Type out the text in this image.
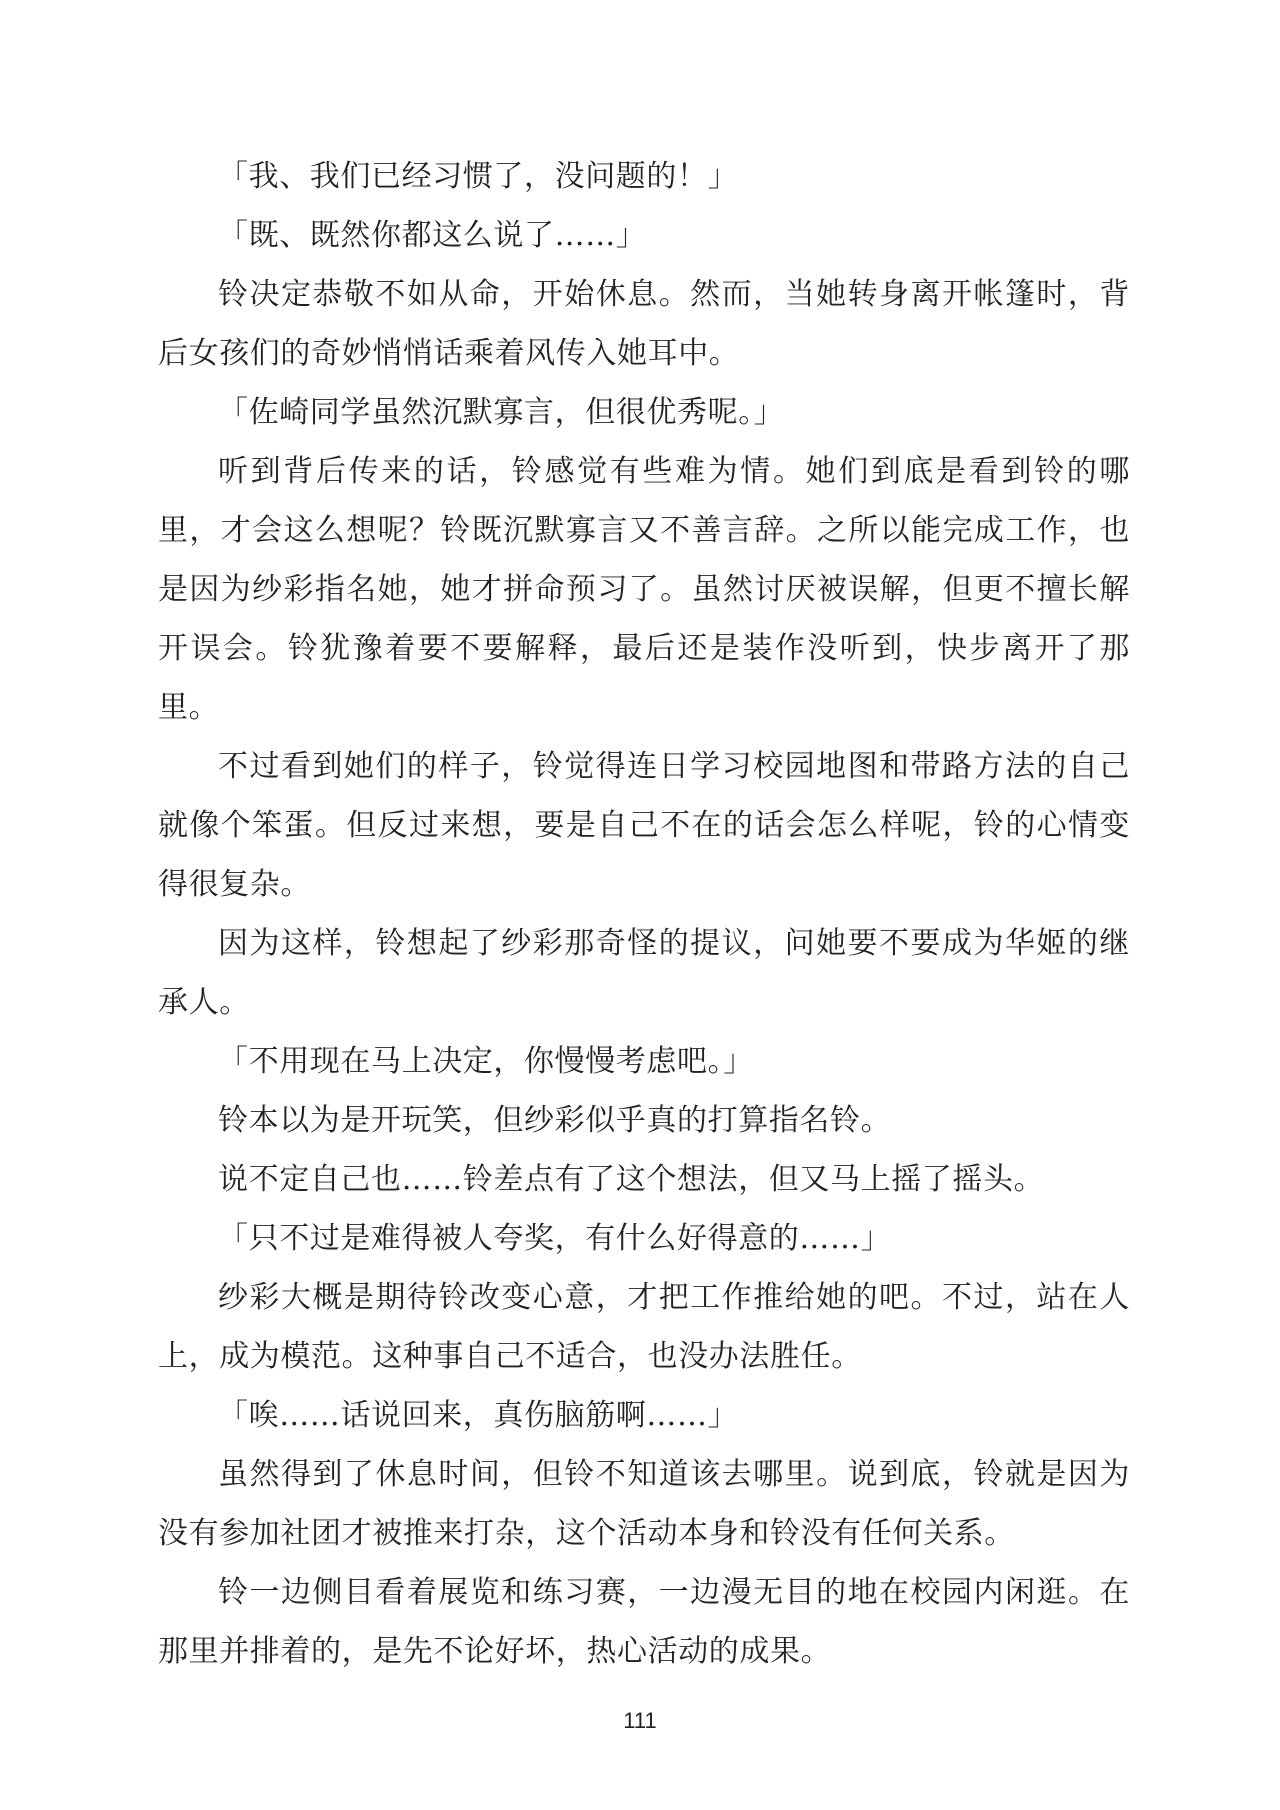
「我、我们已经习惯了，没问题的！」

「既、既然你都这么说了……」

铃决定恭敬不如从命，开始休息。然而，当她转身离开帐篷时，背后女孩们的奇妙悄悄话乘着风传入她耳中。

「佐崎同学虽然沉默寡言，但很优秀呢。」

听到背后传来的话，铃感觉有些难为情。她们到底是看到铃的哪里，才会这么想呢？铃既沉默寡言又不善言辞。之所以能完成工作，也是因为纱彩指名她，她才拼命预习了。虽然讨厌被误解，但更不擅长解开误会。铃犹豫着要不要解释，最后还是装作没听到，快步离开了那里。

不过看到她们的样子，铃觉得连日学习校园地图和带路方法的自己就像个笨蛋。但反过来想，要是自己不在的话会怎么样呢，铃的心情变得很复杂。

因为这样，铃想起了纱彩那奇怪的提议，问她要不要成为华姬的继承人。

「不用现在马上决定，你慢慢考虑吧。」

铃本以为是开玩笑，但纱彩似乎真的打算指名铃。

说不定自己也……铃差点有了这个想法，但又马上摇了摇头。

「只不过是难得被人夸奖，有什么好得意的……」

纱彩大概是期待铃改变心意，才把工作推给她的吧。不过，站在人上，成为模范。这种事自己不适合，也没办法胜任。

「唉……话说回来，真伤脑筋啊……」

虽然得到了休息时间，但铃不知道该去哪里。说到底，铃就是因为没有参加社团才被推来打杂，这个活动本身和铃没有任何关系。

铃一边侧目看着展览和练习赛，一边漫无目的地在校园内闲逛。在那里并排着的，是先不论好坏，热心活动的成果。

111
